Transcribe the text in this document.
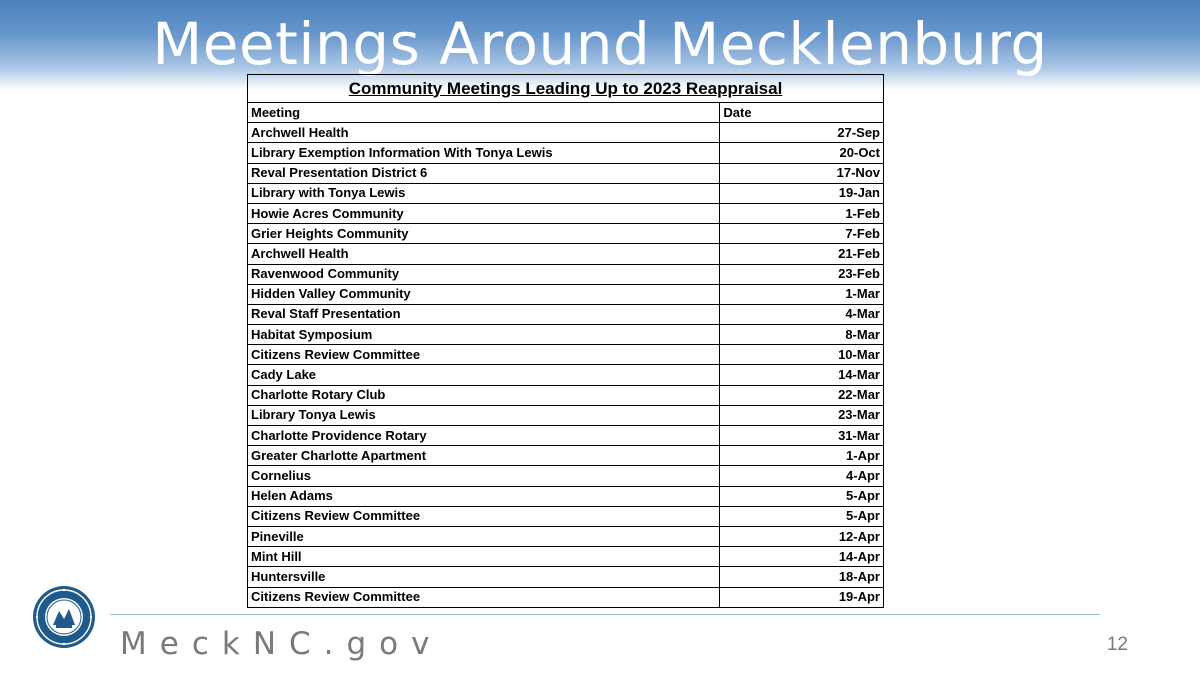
Meetings Around Mecklenburg
Community Meetings Leading Up to 2023 Reappraisal	
Meeting	Date
Archwell Health	27-Sep
Library Exemption Information With Tonya Lewis	20-Oct
Reval Presentation District 6	17-Nov
Library with Tonya Lewis	19-Jan
Howie Acres Community	1-Feb
Grier Heights Community	7-Feb
Archwell Health	21-Feb
Ravenwood Community	23-Feb
Hidden Valley Community	1-Mar
Reval Staff Presentation	4-Mar
Habitat Symposium	8-Mar
Citizens Review Committee	10-Mar
Cady Lake	14-Mar
Charlotte Rotary Club	22-Mar
Library Tonya Lewis	23-Mar
Charlotte Providence Rotary	31-Mar
Greater Charlotte Apartment	1-Apr
Cornelius	4-Apr
Helen Adams	5-Apr
Citizens Review Committee	5-Apr
Pineville	12-Apr
Mint Hill	14-Apr
Huntersville	18-Apr
Citizens Review Committee	19-Apr
MeckNC.gov	12
